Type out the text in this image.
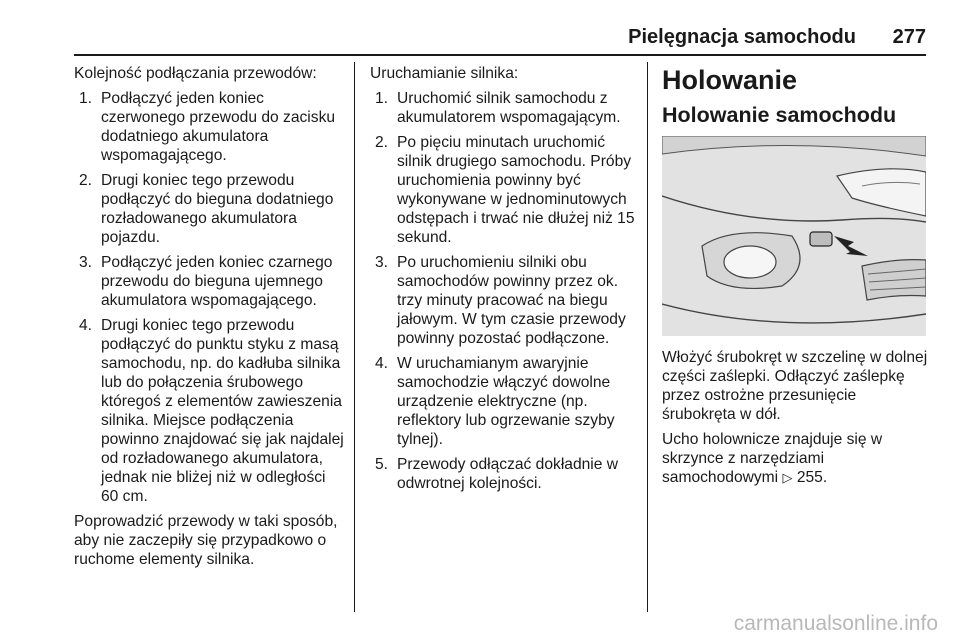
Pielęgnacja samochodu 277

Kolejność podłączania przewodów:

1. Podłączyć jeden koniec czerwonego przewodu do zacisku dodatniego akumulatora wspomagającego.
2. Drugi koniec tego przewodu podłączyć do bieguna dodatniego rozładowanego akumulatora pojazdu.
3. Podłączyć jeden koniec czarnego przewodu do bieguna ujemnego akumulatora wspomagającego.
4. Drugi koniec tego przewodu podłączyć do punktu styku z masą samochodu, np. do kadłuba silnika lub do połączenia śrubowego któregoś z elementów zawieszenia silnika. Miejsce podłączenia powinno znajdować się jak najdalej od rozładowanego akumulatora, jednak nie bliżej niż w odległości 60 cm.

Poprowadzić przewody w taki sposób, aby nie zaczepiły się przypadkowo o ruchome elementy silnika.

Uruchamianie silnika:

1. Uruchomić silnik samochodu z akumulatorem wspomagającym.
2. Po pięciu minutach uruchomić silnik drugiego samochodu. Próby uruchomienia powinny być wykonywane w jednominutowych odstępach i trwać nie dłużej niż 15 sekund.
3. Po uruchomieniu silniki obu samochodów powinny przez ok. trzy minuty pracować na biegu jałowym. W tym czasie przewody powinny pozostać podłączone.
4. W uruchamianym awaryjnie samochodzie włączyć dowolne urządzenie elektryczne (np. reflektory lub ogrzewanie szyby tylnej).
5. Przewody odłączać dokładnie w odwrotnej kolejności.
Holowanie
Holowanie samochodu

Włożyć śrubokręt w szczelinę w dolnej części zaślepki. Odłączyć zaślepkę przez ostrożne przesunięcie śrubokręta w dół.

Ucho holownicze znajduje się w skrzynce z narzędziami samochodowymi ▷ 255.

carmanualsonline.info
